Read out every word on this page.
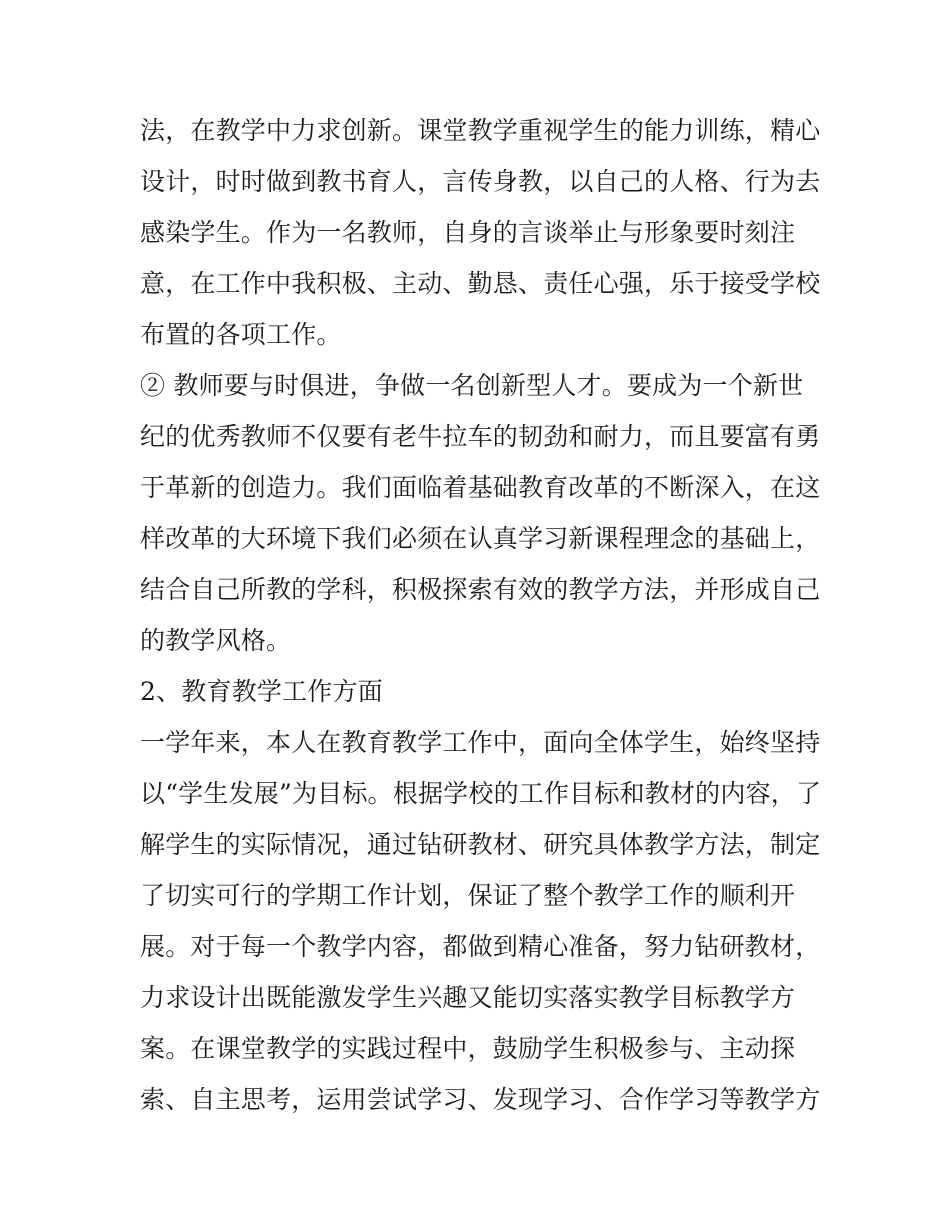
法，在教学中力求创新。课堂教学重视学生的能力训练，精心
设计，时时做到教书育人，言传身教，以自己的人格、行为去
感染学生。作为一名教师，自身的言谈举止与形象要时刻注
意，在工作中我积极、主动、勤恳、责任心强，乐于接受学校
布置的各项工作。
② 教师要与时俱进，争做一名创新型人才。要成为一个新世
纪的优秀教师不仅要有老牛拉车的韧劲和耐力，而且要富有勇
于革新的创造力。我们面临着基础教育改革的不断深入，在这
样改革的大环境下我们必须在认真学习新课程理念的基础上，
结合自己所教的学科，积极探索有效的教学方法，并形成自己
的教学风格。
2、教育教学工作方面
一学年来，本人在教育教学工作中，面向全体学生，始终坚持
以“学生发展”为目标。根据学校的工作目标和教材的内容，了
解学生的实际情况，通过钻研教材、研究具体教学方法，制定
了切实可行的学期工作计划，保证了整个教学工作的顺利开
展。对于每一个教学内容，都做到精心准备，努力钻研教材，
力求设计出既能激发学生兴趣又能切实落实教学目标教学方
案。在课堂教学的实践过程中，鼓励学生积极参与、主动探
索、自主思考，运用尝试学习、发现学习、合作学习等教学方
